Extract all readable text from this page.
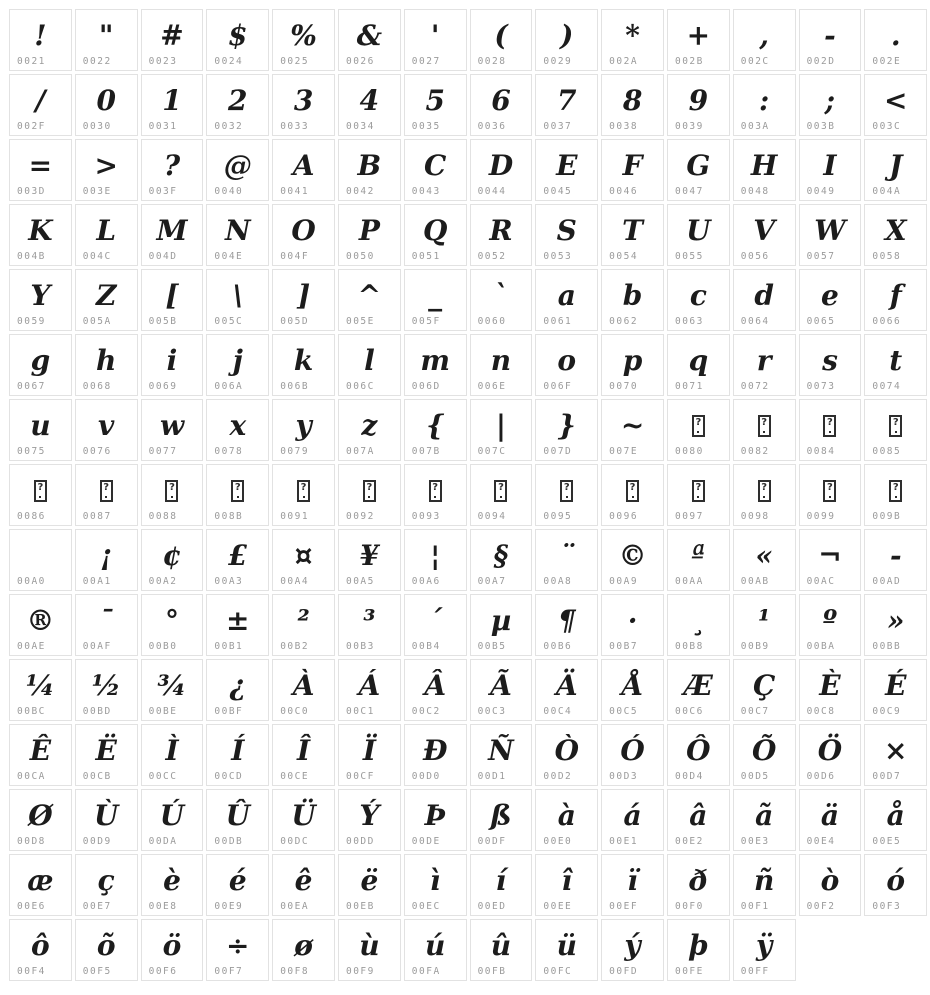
!
0021
"
0022
#
0023
$
0024
%
0025
&
0026
'
0027
(
0028
)
0029
*
002A
+
002B
,
002C
-
002D
.
002E
/
002F
0
0030
1
0031
2
0032
3
0033
4
0034
5
0035
6
0036
7
0037
8
0038
9
0039
:
003A
;
003B
<
003C
=
003D
>
003E
?
003F
@
0040
A
0041
B
0042
C
0043
D
0044
E
0045
F
0046
G
0047
H
0048
I
0049
J
004A
K
004B
L
004C
M
004D
N
004E
O
004F
P
0050
Q
0051
R
0052
S
0053
T
0054
U
0055
V
0056
W
0057
X
0058
Y
0059
Z
005A
[
005B
\
005C
]
005D
^
005E
_
005F
`
0060
a
0061
b
0062
c
0063
d
0064
e
0065
f
0066
g
0067
h
0068
i
0069
j
006A
k
006B
l
006C
m
006D
n
006E
o
006F
p
0070
q
0071
r
0072
s
0073
t
0074
u
0075
v
0076
w
0077
x
0078
y
0079
z
007A
{
007B
|
007C
}
007D
~
007E
?
0080
?
0082
?
0084
?
0085
?
0086
?
0087
?
0088
?
008B
?
0091
?
0092
?
0093
?
0094
?
0095
?
0096
?
0097
?
0098
?
0099
?
009B
00A0
¡
00A1
¢
00A2
£
00A3
¤
00A4
¥
00A5
¦
00A6
§
00A7
¨
00A8
©
00A9
ª
00AA
«
00AB
¬
00AC
-
00AD
®
00AE
¯
00AF
°
00B0
±
00B1
²
00B2
³
00B3
´
00B4
µ
00B5
¶
00B6
·
00B7
¸
00B8
¹
00B9
º
00BA
»
00BB
¼
00BC
½
00BD
¾
00BE
¿
00BF
À
00C0
Á
00C1
Â
00C2
Ã
00C3
Ä
00C4
Å
00C5
Æ
00C6
Ç
00C7
È
00C8
É
00C9
Ê
00CA
Ë
00CB
Ì
00CC
Í
00CD
Î
00CE
Ï
00CF
Ð
00D0
Ñ
00D1
Ò
00D2
Ó
00D3
Ô
00D4
Õ
00D5
Ö
00D6
×
00D7
Ø
00D8
Ù
00D9
Ú
00DA
Û
00DB
Ü
00DC
Ý
00DD
Þ
00DE
ß
00DF
à
00E0
á
00E1
â
00E2
ã
00E3
ä
00E4
å
00E5
æ
00E6
ç
00E7
è
00E8
é
00E9
ê
00EA
ë
00EB
ì
00EC
í
00ED
î
00EE
ï
00EF
ð
00F0
ñ
00F1
ò
00F2
ó
00F3
ô
00F4
õ
00F5
ö
00F6
÷
00F7
ø
00F8
ù
00F9
ú
00FA
û
00FB
ü
00FC
ý
00FD
þ
00FE
ÿ
00FF
